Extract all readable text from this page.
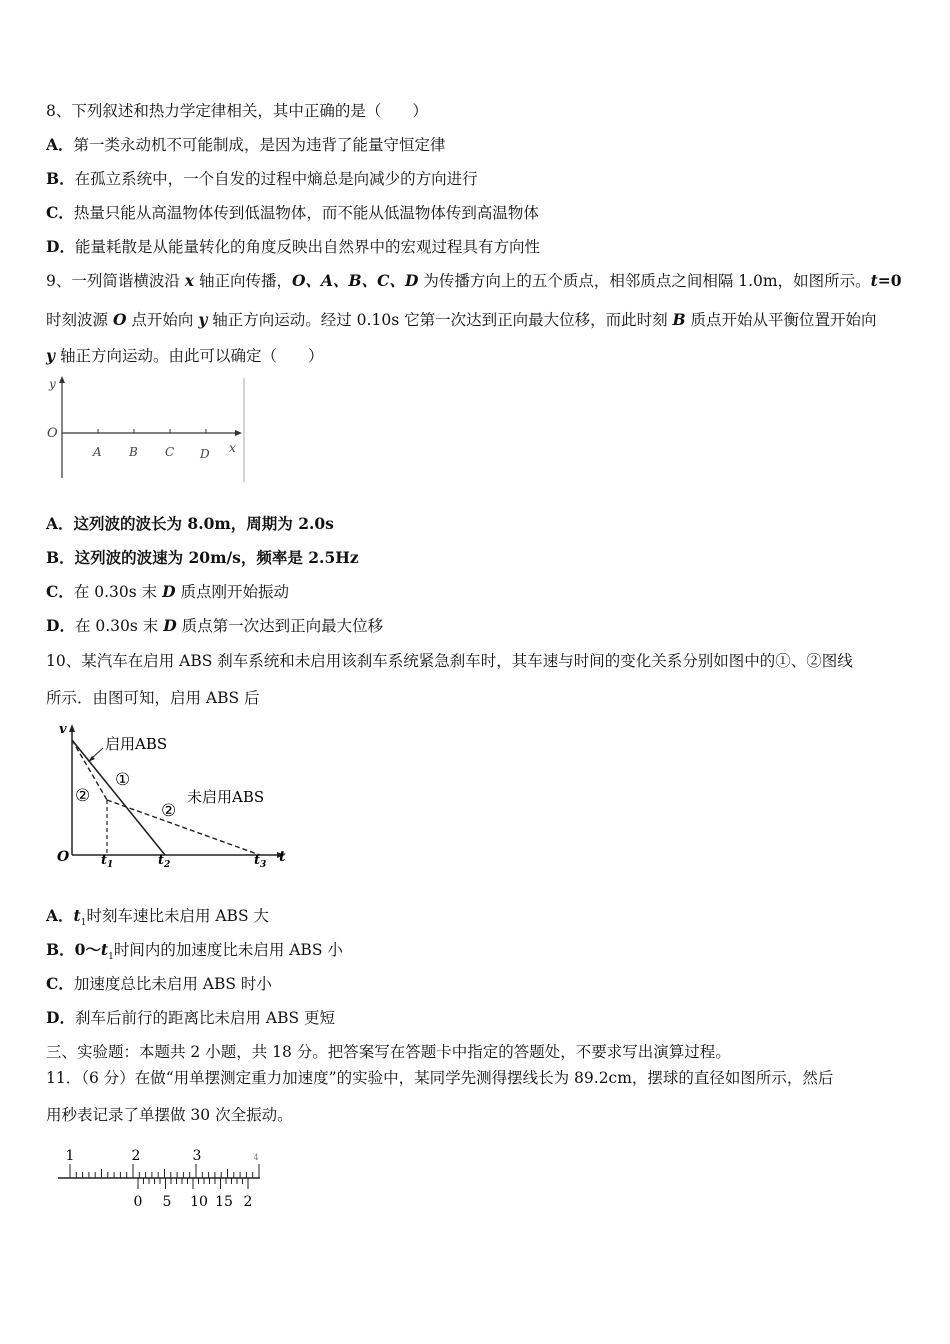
8、下列叙述和热力学定律相关，其中正确的是（　　）
A．第一类永动机不可能制成，是因为违背了能量守恒定律
B．在孤立系统中，一个自发的过程中熵总是向减少的方向进行
C．热量只能从高温物体传到低温物体，而不能从低温物体传到高温物体
D．能量耗散是从能量转化的角度反映出自然界中的宏观过程具有方向性
9、一列简谐横波沿 x 轴正向传播，O、A、B、C、D 为传播方向上的五个质点，相邻质点之间相隔 1.0m，如图所示。t=0
时刻波源 O 点开始向 y 轴正方向运动。经过 0.10s 它第一次达到正向最大位移，而此时刻 B 质点开始从平衡位置开始向
y 轴正方向运动。由此可以确定（　　）
y
O
x
A B C D
A．这列波的波长为 8.0m，周期为 2.0s
B．这列波的波速为 20m/s，频率是 2.5Hz
C．在 0.30s 末 D 质点刚开始振动
D．在 0.30s 末 D 质点第一次达到正向最大位移
10、某汽车在启用 ABS 刹车系统和未启用该刹车系统紧急刹车时，其车速与时间的变化关系分别如图中的①、②图线
所示．由图可知，启用 ABS 后
v
O	t
$t_1$	$t_2$	$t_3$
启用ABS
未启用ABS
①
②
②
A．$t_1$时刻车速比未启用 ABS 大
B．$0\sim t_1$时间内的加速度比未启用 ABS 小
C．加速度总比未启用 ABS 时小
D．刹车后前行的距离比未启用 ABS 更短
三、实验题：本题共 2 小题，共 18 分。把答案写在答题卡中指定的答题处，不要求写出演算过程。
11．（6 分）在做“用单摆测定重力加速度”的实验中，某同学先测得摆线长为 89.2cm，摆球的直径如图所示，然后
用秒表记录了单摆做 30 次全振动。
1	2	3	4
0 5 10 15 2
